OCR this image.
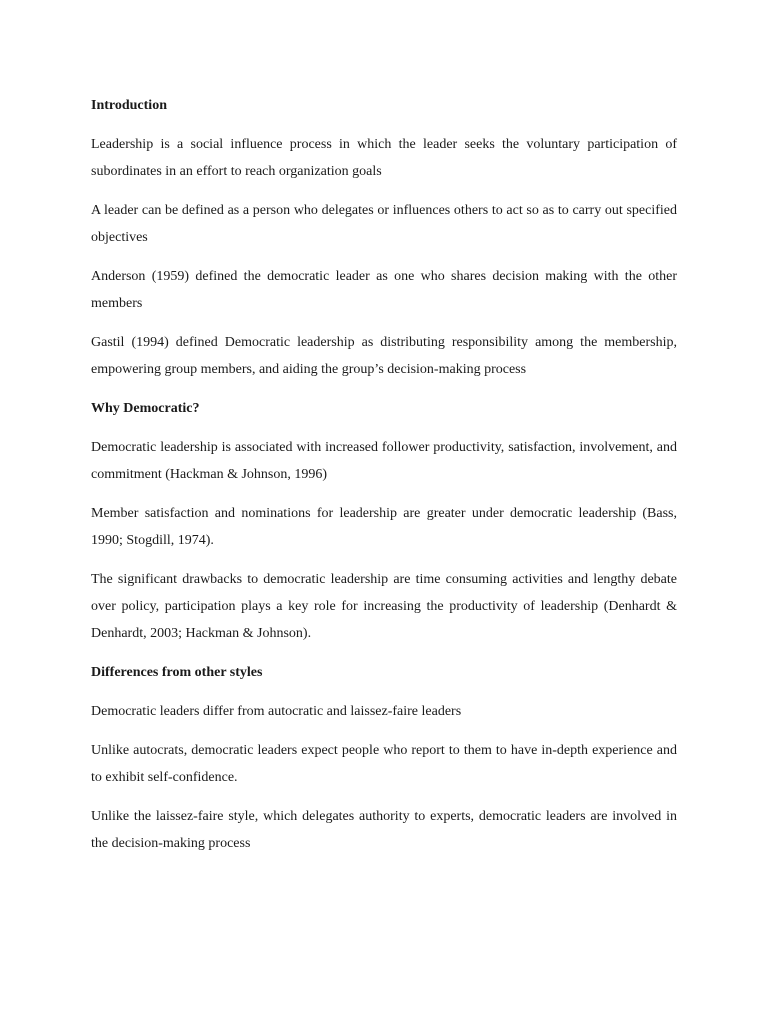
Introduction
Leadership is a social influence process in which the leader seeks the voluntary participation of subordinates in an effort to reach organization goals
A leader can be defined as a person who delegates or influences others to act so as to carry out specified objectives
Anderson (1959) defined the democratic leader as one who shares decision making with the other members
Gastil (1994) defined Democratic leadership as distributing responsibility among the membership, empowering group members, and aiding the group’s decision-making process
Why Democratic?
Democratic leadership is associated with increased follower productivity, satisfaction, involvement, and commitment (Hackman & Johnson, 1996)
Member satisfaction and nominations for leadership are greater under democratic leadership (Bass, 1990; Stogdill, 1974).
The significant drawbacks to democratic leadership are time consuming activities and lengthy debate over policy, participation plays a key role for increasing the productivity of leadership (Denhardt & Denhardt, 2003; Hackman & Johnson).
Differences from other styles
Democratic leaders differ from autocratic and laissez-faire leaders
Unlike autocrats, democratic leaders expect people who report to them to have in-depth experience and to exhibit self-confidence.
Unlike the laissez-faire style, which delegates authority to experts, democratic leaders are involved in the decision-making process
